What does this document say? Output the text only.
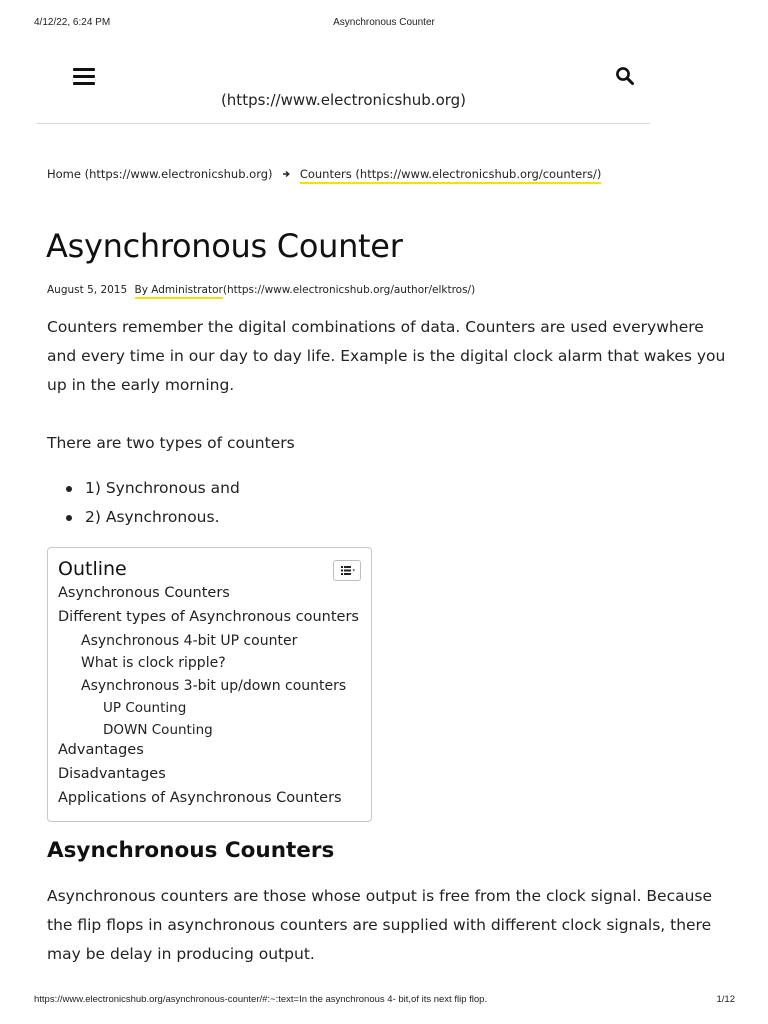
4/12/22, 6:24 PM	Asynchronous Counter
(https://www.electronicshub.org)
Home (https://www.electronicshub.org) Counters (https://www.electronicshub.org/counters/)
Asynchronous Counter
August 5, 2015 By Administrator(https://www.electronicshub.org/author/elktros/)

Counters remember the digital combinations of data. Counters are used everywhere and every time in our day to day life. Example is the digital clock alarm that wakes you up in the early morning.

There are two types of counters

1) Synchronous and
2) Asynchronous.
Outline
Asynchronous Counters
Different types of Asynchronous counters
Asynchronous 4-bit UP counter
What is clock ripple?
Asynchronous 3-bit up/down counters
UP Counting
DOWN Counting
Advantages
Disadvantages
Applications of Asynchronous Counters
Asynchronous Counters

Asynchronous counters are those whose output is free from the clock signal. Because the flip flops in asynchronous counters are supplied with different clock signals, there may be delay in producing output.

https://www.electronicshub.org/asynchronous-counter/#:~:text=In the asynchronous 4- bit,of its next flip flop.	1/12
